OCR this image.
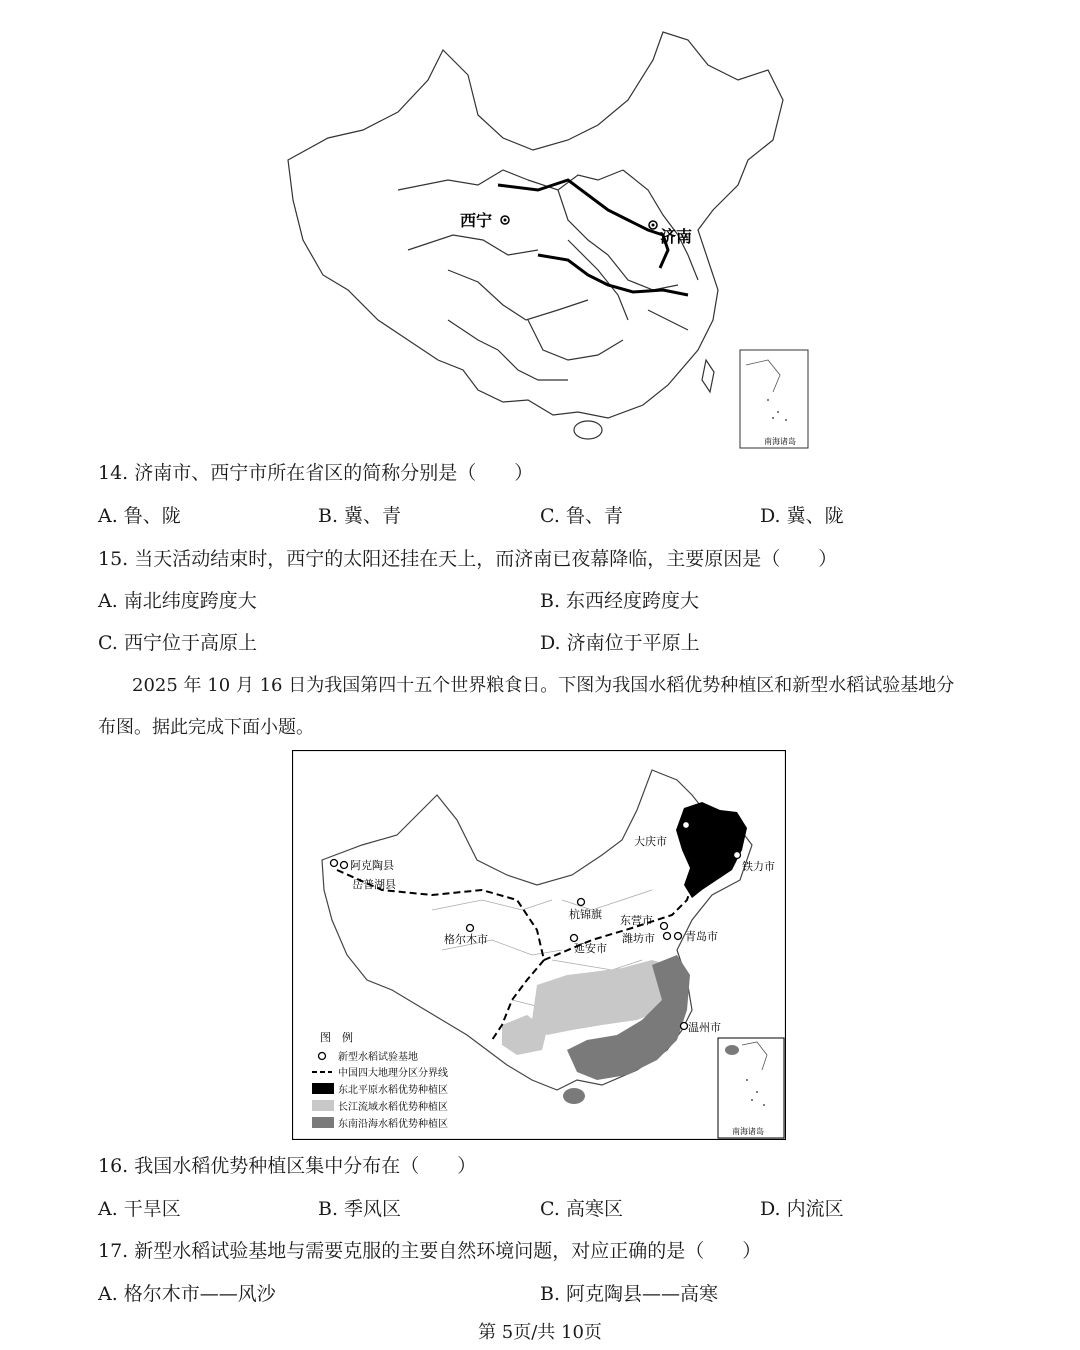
西宁
济南
南海诸岛
14. 济南市、西宁市所在省区的简称分别是（　　）
A. 鲁、陇	B. 冀、青	C. 鲁、青	D. 冀、陇
15. 当天活动结束时，西宁的太阳还挂在天上，而济南已夜幕降临，主要原因是（　　）
A. 南北纬度跨度大	B. 东西经度跨度大
C. 西宁位于高原上	D. 济南位于平原上
2025 年 10 月 16 日为我国第四十五个世界粮食日。下图为我国水稻优势种植区和新型水稻试验基地分
布图。据此完成下面小题。
阿克陶县
岳普湖县
格尔木市
杭锦旗
延安市
大庆市
铁力市
东营市
潍坊市	青岛市
温州市
图　例
新型水稻试验基地
中国四大地理分区分界线
东北平原水稻优势种植区
长江流域水稻优势种植区
东南沿海水稻优势种植区
南海诸岛
16. 我国水稻优势种植区集中分布在（　　）
A. 干旱区	B. 季风区	C. 高寒区	D. 内流区
17. 新型水稻试验基地与需要克服的主要自然环境问题，对应正确的是（　　）
A. 格尔木市——风沙	B. 阿克陶县——高寒
第 5页/共 10页
